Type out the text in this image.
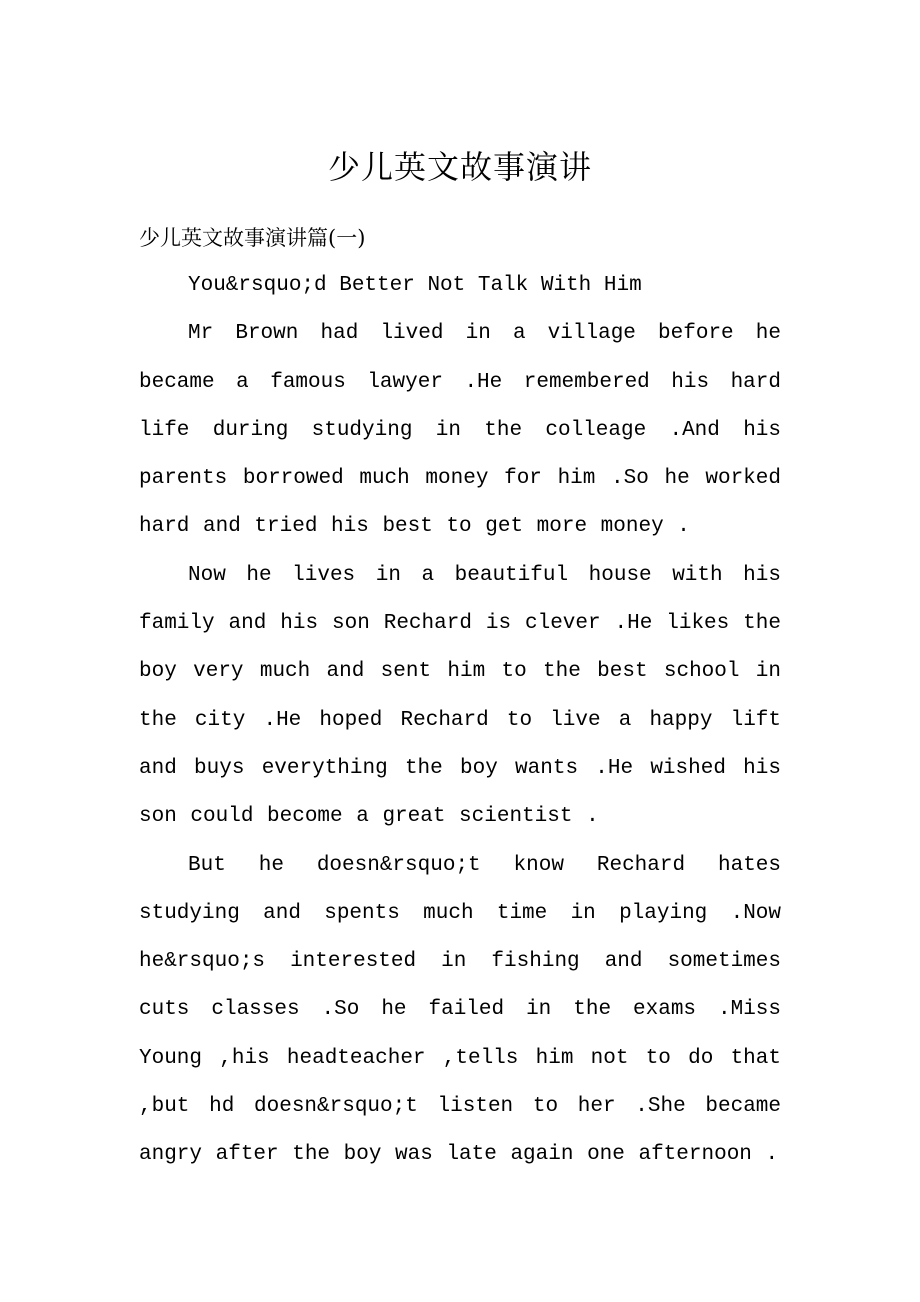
少儿英文故事演讲
少儿英文故事演讲篇(一)
You&rsquo;d Better Not Talk With Him

Mr Brown had lived in a village before he became a famous lawyer .He remembered his hard life during studying in the colleage .And his parents borrowed much money for him .So he worked hard and tried his best to get more money .

Now he lives in a beautiful house with his family and his son Rechard is clever .He likes the boy very much and sent him to the best school in the city .He hoped Rechard to live a happy lift and buys everything the boy wants .He wished his son could become a great scientist .

But he doesn&rsquo;t know Rechard hates studying and spents much time in playing .Now he&rsquo;s interested in fishing and sometimes cuts classes .So he failed in the exams .Miss Young ,his headteacher ,tells him not to do that ,but hd doesn&rsquo;t listen to her .She became angry after the boy was late again one afternoon .
